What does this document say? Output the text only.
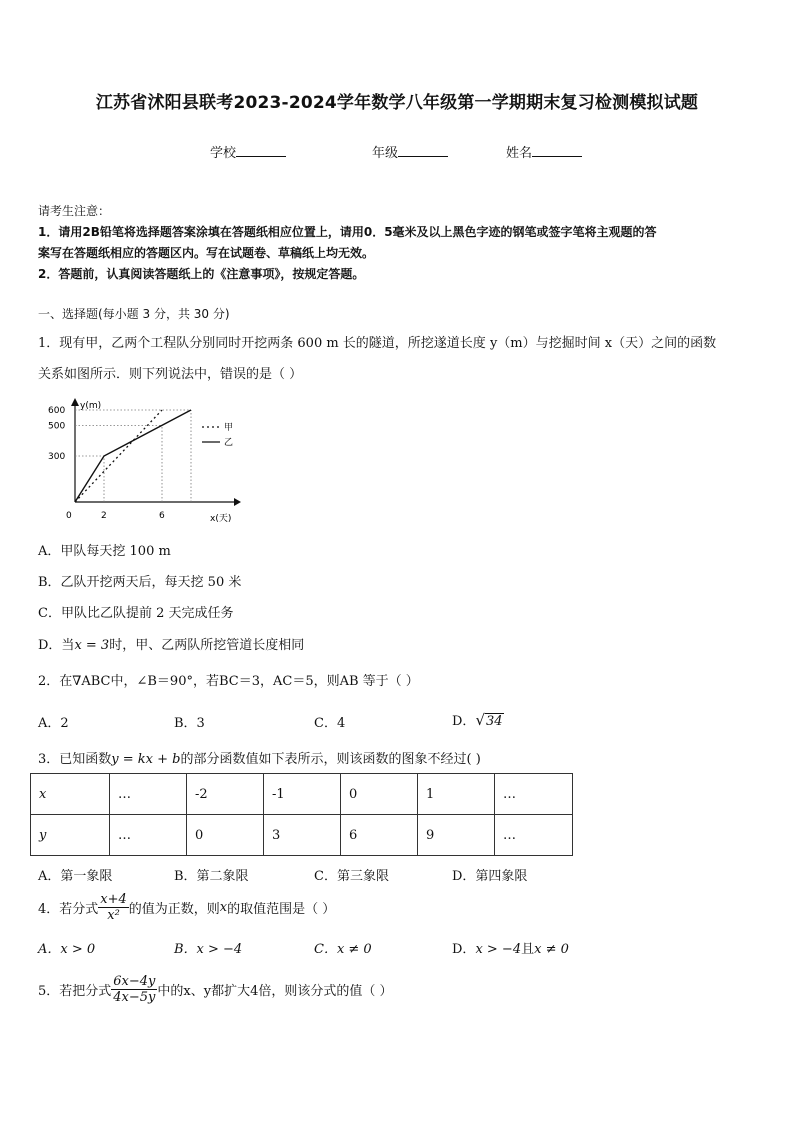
江苏省沭阳县联考2023-2024学年数学八年级第一学期期末复习检测模拟试题
学校	年级	姓名
请考生注意：
1．请用2B铅笔将选择题答案涂填在答题纸相应位置上，请用0．5毫米及以上黑色字迹的钢笔或签字笔将主观题的答
案写在答题纸相应的答题区内。写在试题卷、草稿纸上均无效。
2．答题前，认真阅读答题纸上的《注意事项》，按规定答题。
一、选择题(每小题 3 分，共 30 分)
1．现有甲，乙两个工程队分别同时开挖两条 600 m 长的隧道，所挖遂道长度 y（m）与挖掘时间 x（天）之间的函数
关系如图所示．则下列说法中，错误的是（ ）
y(m)
x(天)
600
500
300
0	2	6
甲
乙
A．甲队每天挖 100 m
B．乙队开挖两天后，每天挖 50 米
C．甲队比乙队提前 2 天完成任务
D．当x = 3时，甲、乙两队所挖管道长度相同
2．在∇ABC中，∠B＝90°，若BC＝3，AC＝5，则AB 等于（ ）
A．2	B．3	C．4	D．√34
3．已知函数y = kx + b的部分函数值如下表所示，则该函数的图象不经过( )
x	…	-2	-1	0	1	…
y	…	0	3	6	9	…
A．第一象限	B．第二象限	C．第三象限	D．第四象限
4．若分式 $\frac{x+4}{\text{x²}}$ 的值为正数，则 x 的取值范围是（ ）
A．x > 0	B．x > −4	C．x ≠ 0	D．x > −4且x ≠ 0
5．若把分式 $\frac{6x-4y}{4x-5y}$ 中的x、y都扩大4倍，则该分式的值（ ）
